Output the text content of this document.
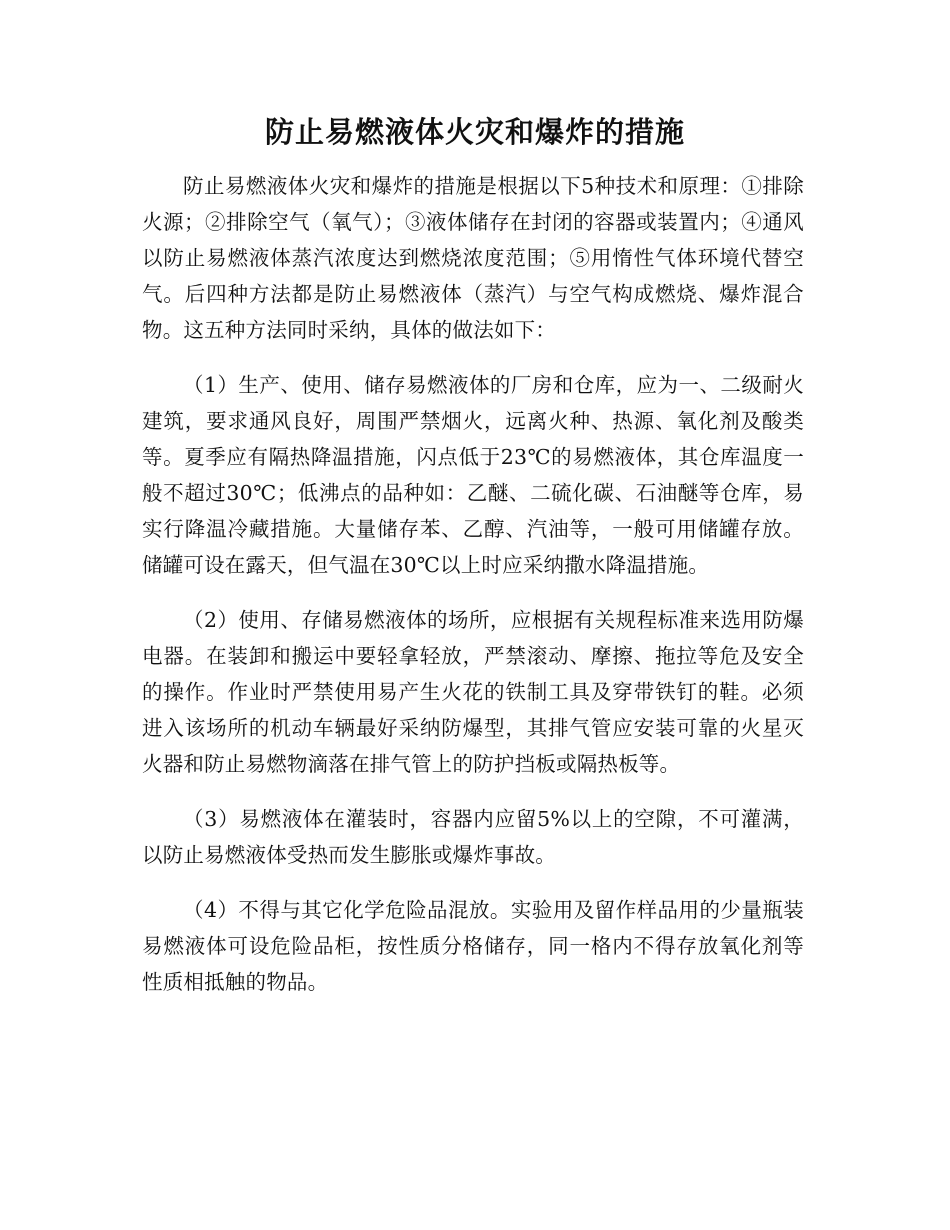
防止易燃液体火灾和爆炸的措施

防止易燃液体火灾和爆炸的措施是根据以下5种技术和原理：①排除火源；②排除空气（氧气）；③液体储存在封闭的容器或装置内；④通风以防止易燃液体蒸汽浓度达到燃烧浓度范围；⑤用惰性气体环境代替空气。后四种方法都是防止易燃液体（蒸汽）与空气构成燃烧、爆炸混合物。这五种方法同时采纳，具体的做法如下：

（1）生产、使用、储存易燃液体的厂房和仓库，应为一、二级耐火建筑，要求通风良好，周围严禁烟火，远离火种、热源、氧化剂及酸类等。夏季应有隔热降温措施，闪点低于23℃的易燃液体，其仓库温度一般不超过30℃；低沸点的品种如：乙醚、二硫化碳、石油醚等仓库，易实行降温冷藏措施。大量储存苯、乙醇、汽油等，一般可用储罐存放。储罐可设在露天，但气温在30℃以上时应采纳撒水降温措施。

（2）使用、存储易燃液体的场所，应根据有关规程标准来选用防爆电器。在装卸和搬运中要轻拿轻放，严禁滚动、摩擦、拖拉等危及安全的操作。作业时严禁使用易产生火花的铁制工具及穿带铁钉的鞋。必须进入该场所的机动车辆最好采纳防爆型，其排气管应安装可靠的火星灭火器和防止易燃物滴落在排气管上的防护挡板或隔热板等。

（3）易燃液体在灌装时，容器内应留5%以上的空隙，不可灌满，以防止易燃液体受热而发生膨胀或爆炸事故。

（4）不得与其它化学危险品混放。实验用及留作样品用的少量瓶装易燃液体可设危险品柜，按性质分格储存，同一格内不得存放氧化剂等性质相抵触的物品。
